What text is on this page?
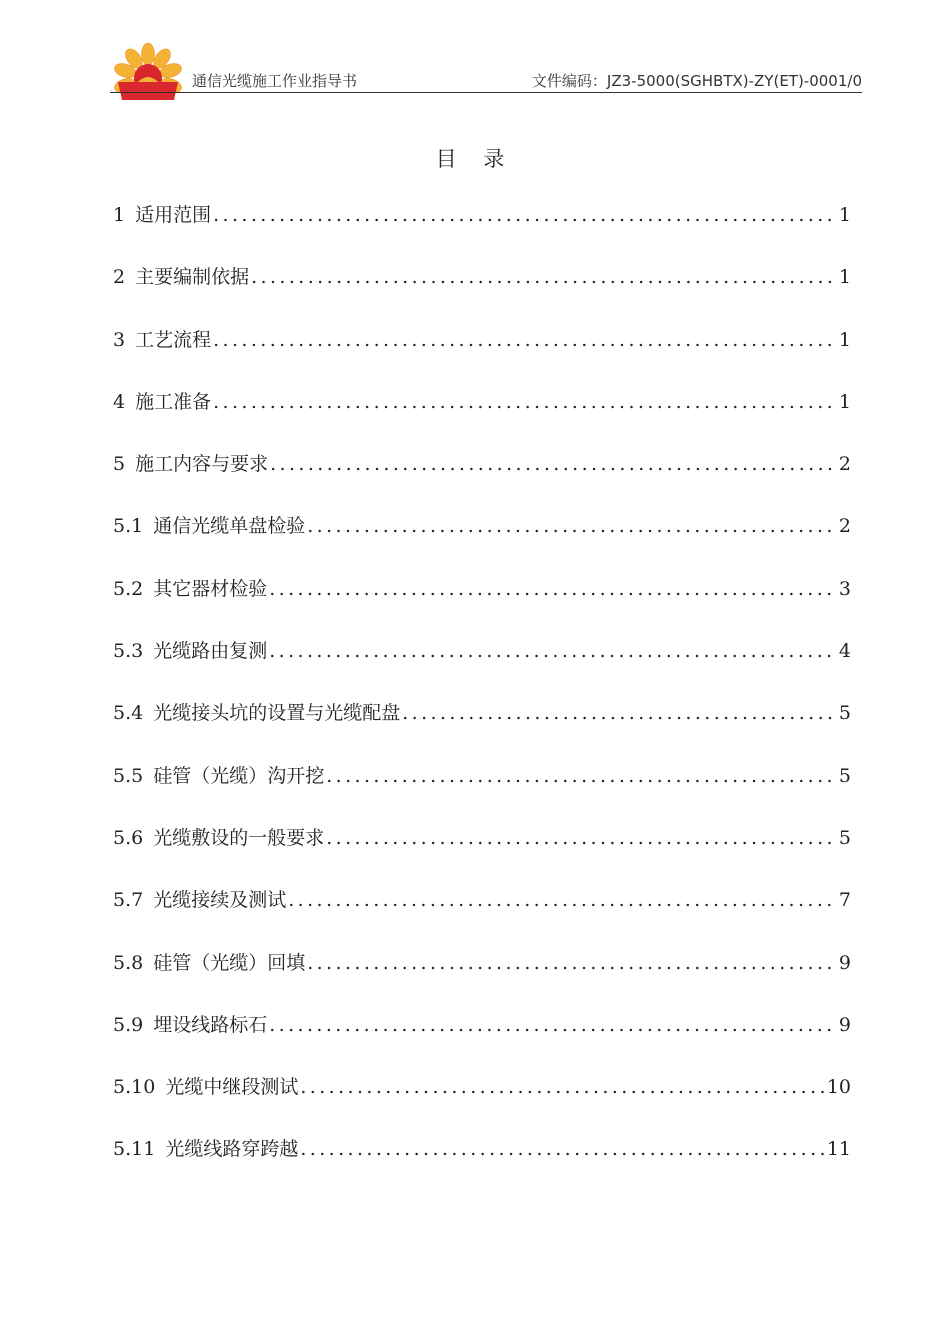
通信光缆施工作业指导书	文件编码：JZ3-5000(SGHBTX)-ZY(ET)-0001/0
目 录
1 适用范围 .....	1
2 主要编制依据 .....	1
3 工艺流程 .....	1
4 施工准备 .....	1
5 施工内容与要求 .....	2
5.1 通信光缆单盘检验 .....	2
5.2 其它器材检验 .....	3
5.3 光缆路由复测 .....	4
5.4 光缆接头坑的设置与光缆配盘 .....	5
5.5 硅管（光缆）沟开挖 .....	5
5.6 光缆敷设的一般要求 .....	5
5.7 光缆接续及测试 .....	7
5.8 硅管（光缆）回填 .....	9
5.9 埋设线路标石 .....	9
5.10 光缆中继段测试 .....	10
5.11 光缆线路穿跨越 .....	11
